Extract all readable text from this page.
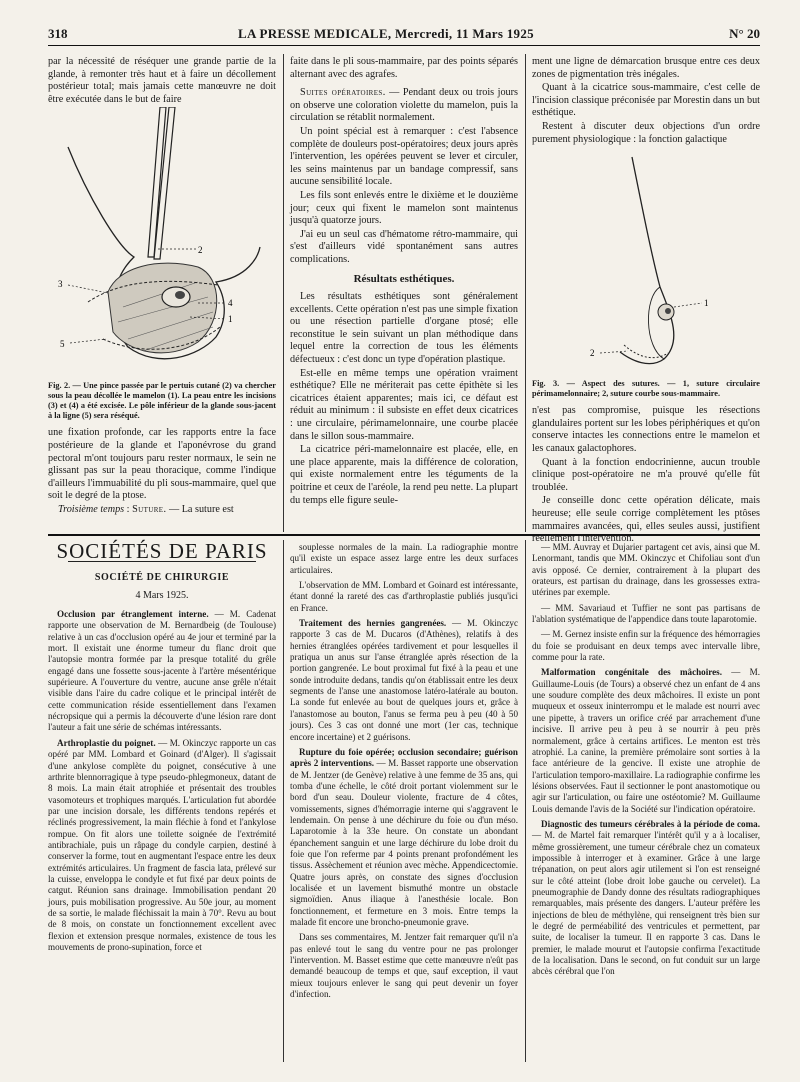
318	LA PRESSE MEDICALE, Mercredi, 11 Mars 1925	N° 20

par la nécessité de réséquer une grande partie de la glande, à remonter très haut et à faire un décollement postérieur total; mais jamais cette manœuvre ne doit être exécutée dans le but de faire

2
3
4
1
5
Fig. 2. — Une pince passée par le pertuis cutané (2) va chercher sous la peau décollée le mamelon (1). La peau entre les incisions (3) et (4) a été excisée. Le pôle inférieur de la glande sous-jacent à la ligne (5) sera réséqué.

une fixation profonde, car les rapports entre la face postérieure de la glande et l'aponévrose du grand pectoral m'ont toujours paru rester normaux, le sein ne glissant pas sur la peau thoracique, comme l'indique d'ailleurs l'immuabilité du pli sous-mammaire, quel que soit le degré de la ptose.

Troisième temps : Suture. — La suture est

faite dans le pli sous-mammaire, par des points séparés alternant avec des agrafes.

Suites opératoires. — Pendant deux ou trois jours on observe une coloration violette du mamelon, puis la circulation se rétablit normalement.

Un point spécial est à remarquer : c'est l'absence complète de douleurs post-opératoires; deux jours après l'intervention, les opérées peuvent se lever et circuler, les seins maintenus par un bandage compressif, sans aucune sensibilité locale.

Les fils sont enlevés entre le dixième et le douzième jour; ceux qui fixent le mamelon sont maintenus jusqu'à quatorze jours.

J'ai eu un seul cas d'hématome rétro-mammaire, qui s'est d'ailleurs vidé spontanément sans autres complications.

Résultats esthétiques.

Les résultats esthétiques sont généralement excellents. Cette opération n'est pas une simple fixation ou une résection partielle d'organe ptosé; elle reconstitue le sein suivant un plan méthodique dans lequel entre la correction de tous les éléments défectueux : c'est donc un type d'opération plastique.

Est-elle en même temps une opération vraiment esthétique? Elle ne mériterait pas cette épithète si les cicatrices étaient apparentes; mais ici, ce défaut est réduit au minimum : il subsiste en effet deux cicatrices : une circulaire, périmamelonnaire, une courbe placée dans le sillon sous-mammaire.

La cicatrice péri-mamelonnaire est placée, elle, en une place apparente, mais la différence de coloration, qui existe normalement entre les téguments de la poitrine et ceux de l'aréole, la rend peu nette. La plupart du temps elle figure seule-

ment une ligne de démarcation brusque entre ces deux zones de pigmentation très inégales.

Quant à la cicatrice sous-mammaire, c'est celle de l'incision classique préconisée par Morestin dans un but esthétique.

Restent à discuter deux objections d'un ordre purement physiologique : la fonction galactique

1
2
Fig. 3. — Aspect des sutures. — 1, suture circulaire périmamelonnaire; 2, suture courbe sous-mammaire.

n'est pas compromise, puisque les résections glandulaires portent sur les lobes périphériques et qu'on conserve intactes les connections entre le mamelon et les canaux galactophores.

Quant à la fonction endocrinienne, aucun trouble clinique post-opératoire ne m'a prouvé qu'elle fût troublée.

Je conseille donc cette opération délicate, mais heureuse; elle seule corrige complètement les ptôses mammaires avancées, qui, elles seules aussi, justifient réellement l'intervention.

SOCIÉTÉS DE PARIS
SOCIÉTÉ DE CHIRURGIE
4 Mars 1925.

Occlusion par étranglement interne. — M. Cadenat rapporte une observation de M. Bernardbeig (de Toulouse) relative à un cas d'occlusion opéré au 4e jour et terminé par la mort. Il existait une énorme tumeur du flanc droit que l'autopsie montra formée par la presque totalité du grêle engagé dans une fossette sous-jacente à l'artère mésentérique supérieure. A l'ouverture du ventre, aucune anse grêle n'était visible dans l'aire du cadre colique et le principal intérêt de cette communication réside essentiellement dans l'examen nécropsique qui a permis la découverte d'une lésion rare dont l'auteur a fait une série de schémas intéressants.

Arthroplastie du poignet. — M. Okinczyc rapporte un cas opéré par MM. Lombard et Goinard (d'Alger). Il s'agissait d'une ankylose complète du poignet, consécutive à une arthrite blennorragique à type pseudo-phlegmoneux, datant de 8 mois. La main était atrophiée et présentait des troubles vasomoteurs et trophiques marqués. L'articulation fut abordée par une incision dorsale, les différents tendons repérés et réclinés progressivement, la main fléchie à fond et l'ankylose rompue. On fit alors une toilette soignée de l'extrémité antibrachiale, puis un râpage du condyle carpien, destiné à conserver la forme, tout en augmentant l'espace entre les deux extrémités articulaires. Un fragment de fascia lata, prélevé sur la cuisse, enveloppa le condyle et fut fixé par deux points de catgut. Réunion sans drainage. Immobilisation pendant 20 jours, puis mobilisation progressive. Au 50e jour, au moment de sa sortie, le malade fléchissait la main à 70°. Revu au bout de 8 mois, on constate un fonctionnement excellent avec flexion et extension presque normales, existence de tous les mouvements de prono-supination, force et

souplesse normales de la main. La radiographie montre qu'il existe un espace assez large entre les deux surfaces articulaires.

L'observation de MM. Lombard et Goinard est intéressante, étant donné la rareté des cas d'arthroplastie publiés jusqu'ici en France.

Traitement des hernies gangrenées. — M. Okinczyc rapporte 3 cas de M. Ducaros (d'Athènes), relatifs à des hernies étranglées opérées tardivement et pour lesquelles il pratiqua un anus sur l'anse étranglée après résection de la portion gangrenée. Le bout proximal fut fixé à la peau et une sonde introduite dedans, tandis qu'on établissait entre les deux segments de l'anse une anastomose latéro-latérale au bouton. La sonde fut enlevée au bout de quelques jours et, grâce à l'anastomose au bouton, l'anus se ferma peu à peu (40 à 50 jours). Ces 3 cas ont donné une mort (1er cas, technique encore incertaine) et 2 guérisons.

Rupture du foie opérée; occlusion secondaire; guérison après 2 interventions. — M. Basset rapporte une observation de M. Jentzer (de Genève) relative à une femme de 35 ans, qui tomba d'une échelle, le côté droit portant violemment sur le bord d'un seau. Douleur violente, fracture de 4 côtes, vomissements, signes d'hémorragie interne qui s'aggravent le lendemain. On pense à une déchirure du foie ou d'un méso. Laparotomie à la 33e heure. On constate un abondant épanchement sanguin et une large déchirure du lobe droit du foie que l'on referme par 4 points prenant profondément les tissus. Assèchement et réunion avec mèche. Appendicectomie. Quatre jours après, on constate des signes d'occlusion localisée et un lavement bismuthé montre un obstacle sigmoïdien. Anus iliaque à l'anesthésie locale. Bon fonctionnement, et fermeture en 3 mois. Entre temps la malade fit encore une broncho-pneumonie grave.

Dans ses commentaires, M. Jentzer fait remarquer qu'il n'a pas enlevé tout le sang du ventre pour ne pas prolonger l'intervention. M. Basset estime que cette manœuvre n'eût pas demandé beaucoup de temps et que, sauf exception, il vaut mieux toujours enlever le sang qui peut devenir un foyer d'infection.

— MM. Auvray et Dujarier partagent cet avis, ainsi que M. Lenormant, tandis que MM. Okinczyc et Chifoliau sont d'un avis opposé. Ce dernier, contrairement à la plupart des orateurs, est partisan du drainage, dans les grossesses extra-utérines par exemple.

— MM. Savariaud et Tuffier ne sont pas partisans de l'ablation systématique de l'appendice dans toute laparotomie.

— M. Gernez insiste enfin sur la fréquence des hémorragies du foie se produisant en deux temps avec intervalle libre, comme pour la rate.

Malformation congénitale des mâchoires. — M. Guillaume-Louis (de Tours) a observé chez un enfant de 4 ans une soudure complète des deux mâchoires. Il existe un pont muqueux et osseux ininterrompu et le malade est nourri avec une pipette, à travers un orifice créé par arrachement d'une incisive. Il arrive peu à peu à se nourrir à peu près normalement, grâce à certains artifices. Le menton est très atrophié. La canine, la première prémolaire sont sorties à la face antérieure de la gencive. Il existe une atrophie de l'articulation temporo-maxillaire. La radiographie confirme les lésions observées. Faut il sectionner le pont anastomotique ou agir sur l'articulation, ou faire une ostéotomie? M. Guillaume Louis demande l'avis de la Société sur l'indication opératoire.

Diagnostic des tumeurs cérébrales à la période de coma. — M. de Martel fait remarquer l'intérêt qu'il y a à localiser, même grossièrement, une tumeur cérébrale chez un comateux impossible à interroger et à examiner. Grâce à une large trépanation, on peut alors agir utilement si l'on est renseigné sur le côté atteint (lobe droit lobe gauche ou cervelet). La pneumographie de Dandy donne des résultats radiographiques remarquables, mais présente des dangers. L'auteur préfère les injections de bleu de méthylène, qui renseignent très bien sur le degré de perméabilité des ventricules et permettent, par suite, de localiser la tumeur. Il en rapporte 3 cas. Dans le premier, le malade mourut et l'autopsie confirma l'exactitude de la localisation. Dans le second, on fut conduit sur un large abcès cérébral que l'on
